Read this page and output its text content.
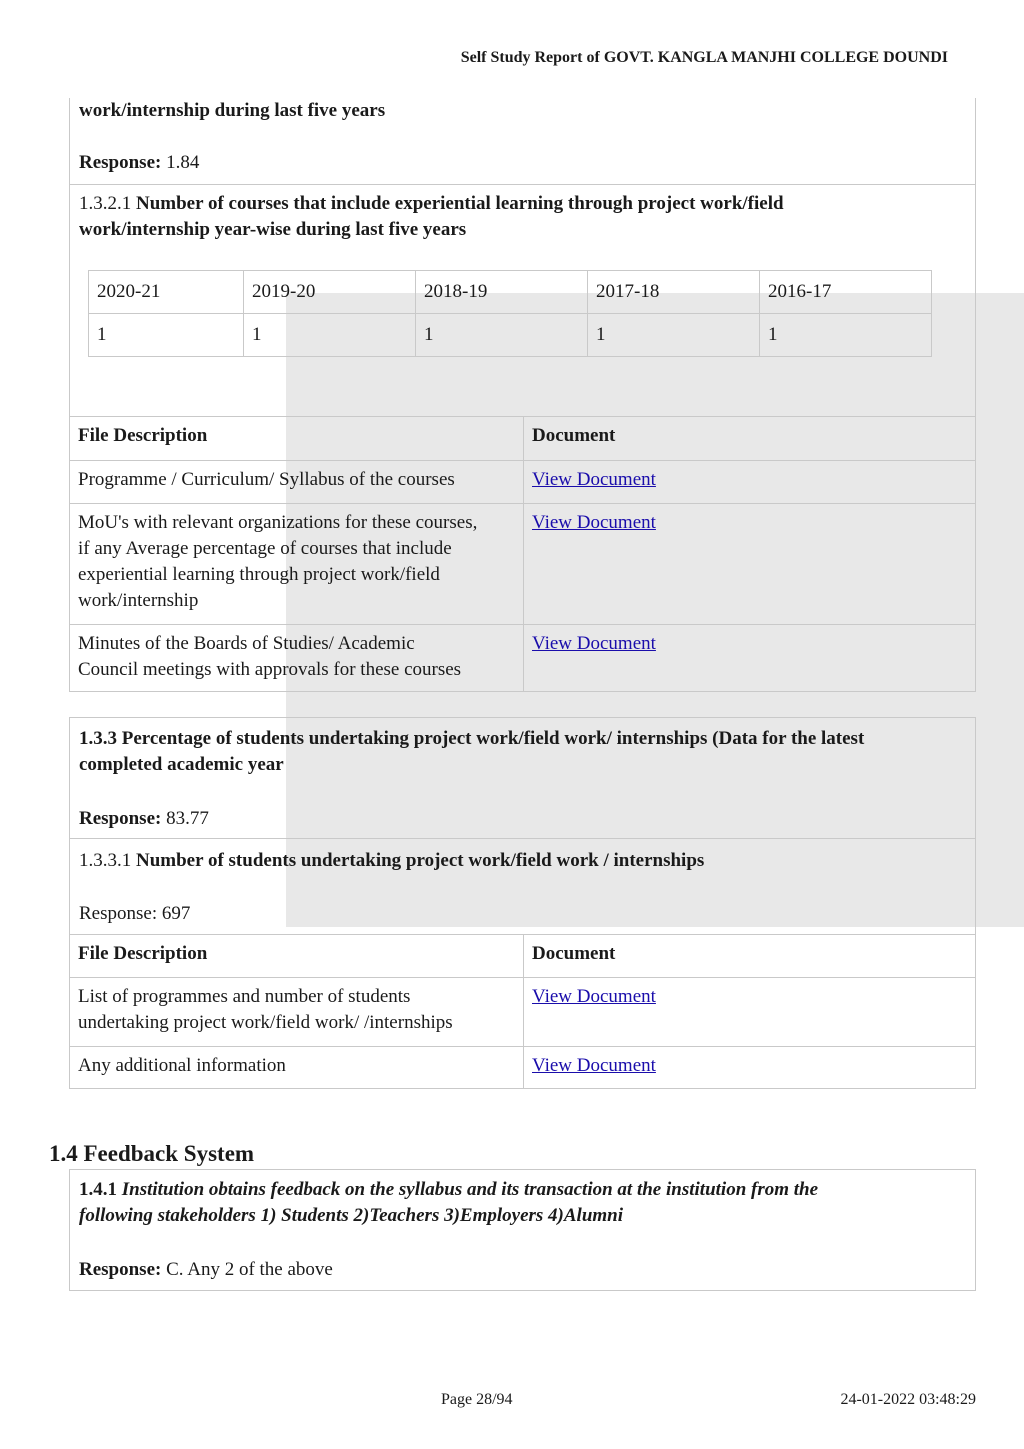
Self Study Report of GOVT. KANGLA MANJHI COLLEGE DOUNDI
work/internship during last five years
Response: 1.84
1.3.2.1 Number of courses that include experiential learning through project work/field
work/internship year-wise during last five years
2020-21	2019-20	2018-19	2017-18	2016-17
1	1	1	1	1
File Description	Document
Programme / Curriculum/ Syllabus of the courses	View Document
MoU's with relevant organizations for these courses,
if any Average percentage of courses that include
experiential learning through project work/field
work/internship
View Document
Minutes of the Boards of Studies/ Academic
Council meetings with approvals for these courses
View Document
1.3.3 Percentage of students undertaking project work/field work/ internships (Data for the latest
completed academic year
Response: 83.77
1.3.3.1 Number of students undertaking project work/field work / internships
Response: 697
File Description	Document
List of programmes and number of students
undertaking project work/field work/ /internships
View Document
Any additional information	View Document
1.4 Feedback System
1.4.1 Institution obtains feedback on the syllabus and its transaction at the institution from the
following stakeholders 1) Students 2)Teachers 3)Employers 4)Alumni
Response: C. Any 2 of the above
Page 28/94	24-01-2022 03:48:29
